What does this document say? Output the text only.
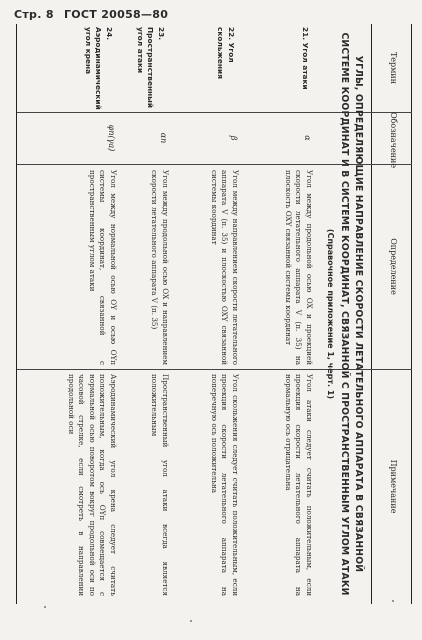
Стр. 8 ГОСТ 20058—80
Термин
Обозначение
Определение
Примечание
УГЛЫ, ОПРЕДЕЛЯЮЩИЕ НАПРАВЛЕНИЕ СКОРОСТИ ЛЕТАТЕЛЬНОГО АППАРАТА В СВЯЗАННОЙ
СИСТЕМЕ КООРДИНАТ И В СИСТЕМЕ КООРДИНАТ, СВЯЗАННОЙ С ПРОСТРАНСТВЕННЫМ УГЛОМ АТАКИ
(Справочное приложение 1, черт. 1)
21. Угол атаки
α
Угол между продольной осью OX и проекцией скорости летательного аппарата V (п. 35) на плоскость OXY связанной системы координат
Угол атаки следует считать положительным, если проекция скорости летательного аппарата на нормальную ось отрицательна
22. Угол скольжения
β
Угол между направлением скорости летательного аппарата V (п. 35) и плоскостью OXY связанной системы координат
Угол скольжения следует считать положительным, если проекция скорости летательного аппарата на поперечную ось положительна
23. Пространственный угол атаки
αп
Угол между продольной осью OX и направлением скорости летательного аппарата V (п. 35)
Пространственный угол атаки всегда является положительным
24. Аэродинамический угол крена
φп(γа)
Угол между нормальной осью OY и осью OYп системы координат, связанной с пространственным углом атаки
Аэродинамический угол крена следует считать положительным, когда ось OYп совмещается с нормальной осью поворотом вокруг продольной оси по часовой стрелке, если смотреть в направлении продольной оси
